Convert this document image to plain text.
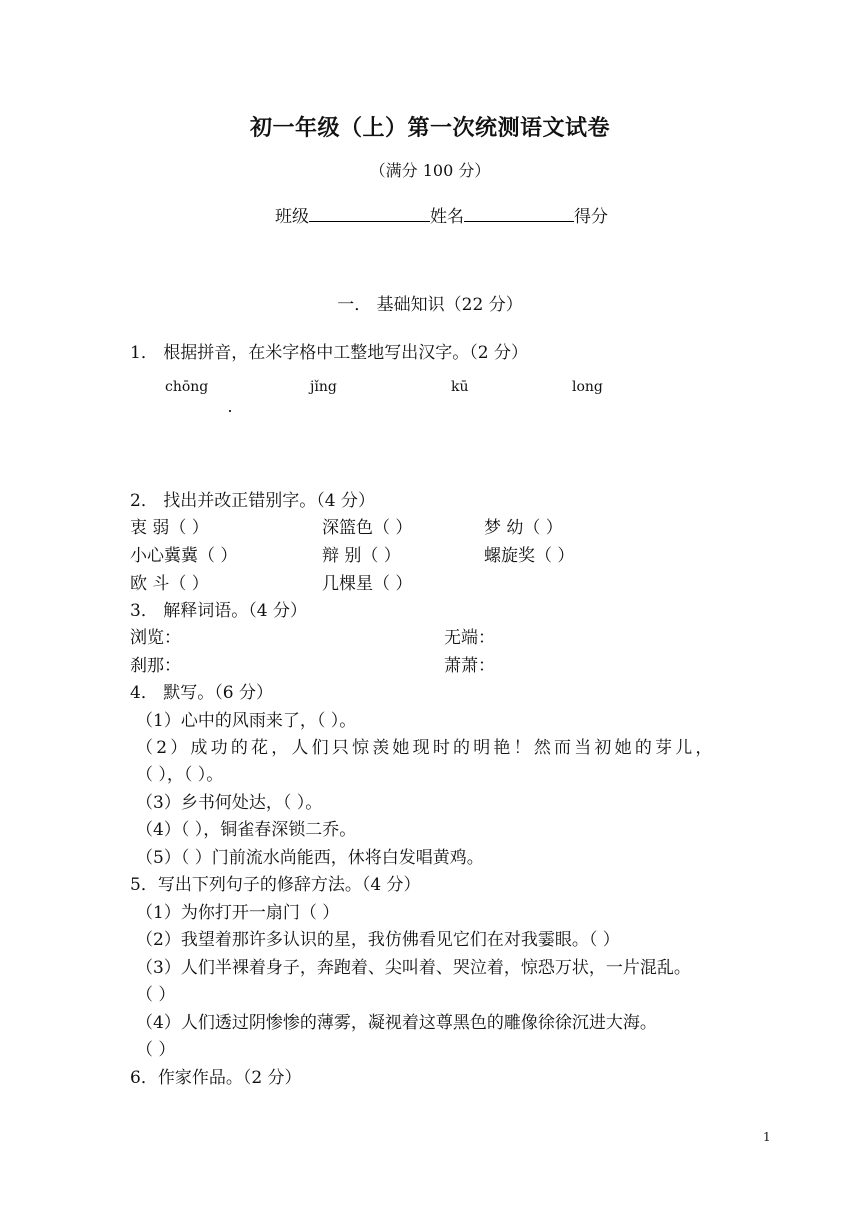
初一年级（上）第一次统测语文试卷
（满分 100 分）
班级	姓名	得分
一． 基础知识（22 分）
1． 根据拼音，在米字格中工整地写出汉字。（2 分）
chōng	jǐng	kū	long
2． 找出并改正错别字。（4 分）
衷 弱（ ）	深篮色（ ）	梦 幼（ ）
小心冀冀（ ）	辩 别（ ）	螺旋奖（ ）
欧 斗（ ）	几棵星（ ）
3． 解释词语。（4 分）
浏览：	无端：
刹那：	萧萧：
4． 默写。（6 分）
（1）心中的风雨来了，（ ）。
（2）成功的花，人们只惊羡她现时的明艳！然而当初她的芽儿，
（ ），（ ）。
（3）乡书何处达，（ ）。
（4）（ ），铜雀春深锁二乔。
（5）（ ）门前流水尚能西，休将白发唱黄鸡。
5．写出下列句子的修辞方法。（4 分）
（1）为你打开一扇门（ ）
（2）我望着那许多认识的星，我仿佛看见它们在对我霎眼。（ ）
（3）人们半裸着身子，奔跑着、尖叫着、哭泣着，惊恐万状，一片混乱。
（ ）
（4）人们透过阴惨惨的薄雾，凝视着这尊黑色的雕像徐徐沉进大海。
（ ）
6．作家作品。（2 分）
1
